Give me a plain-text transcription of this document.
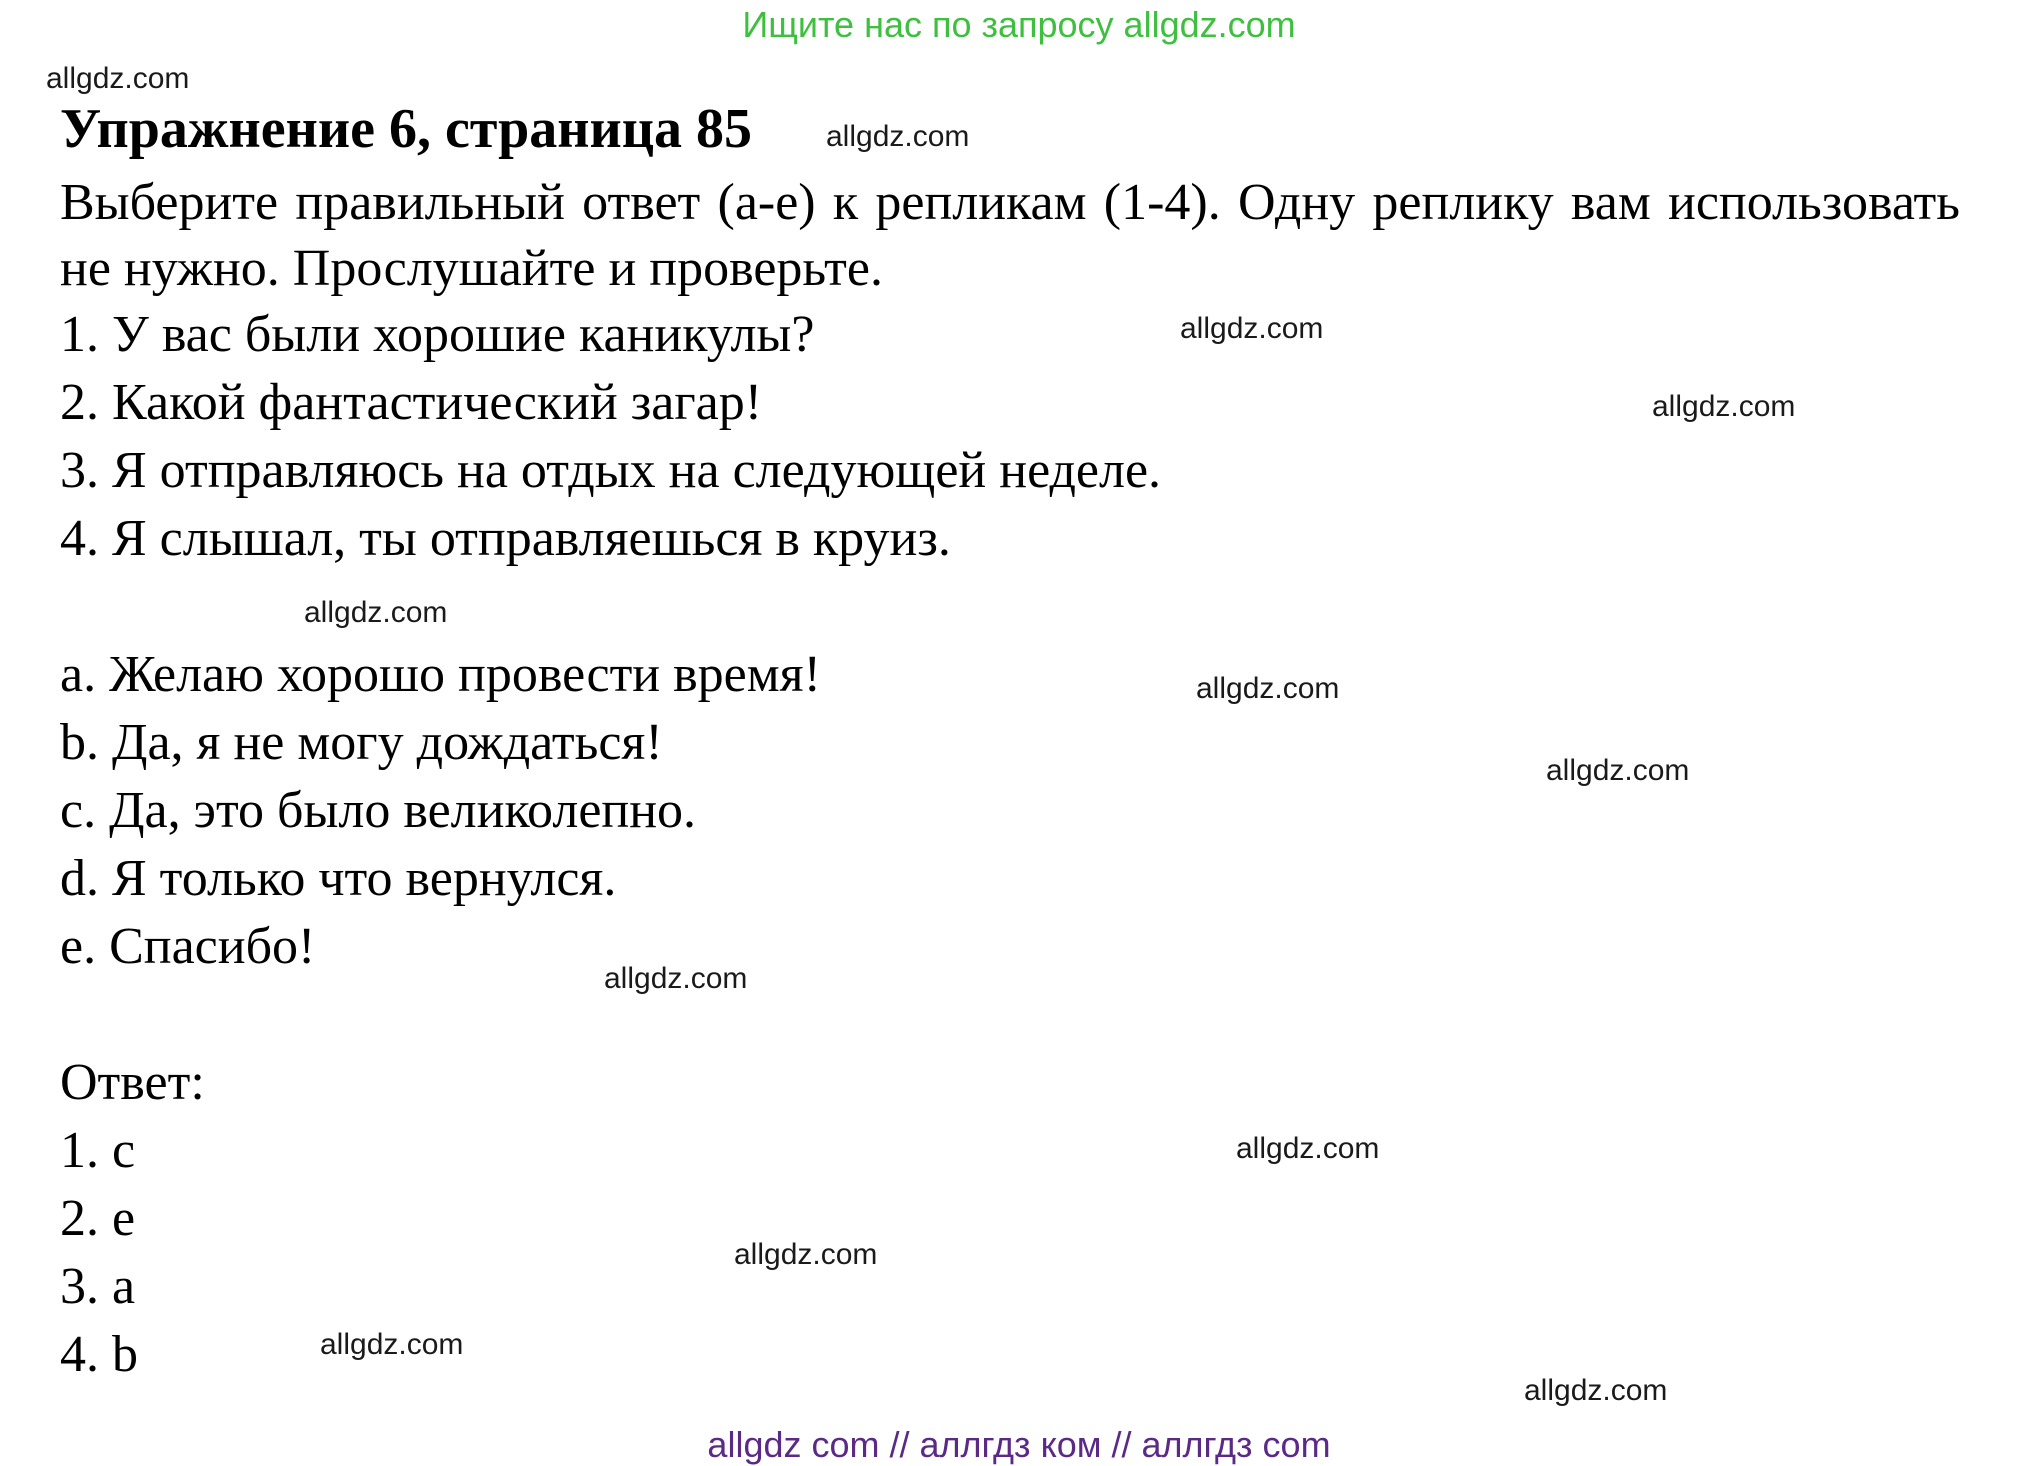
Ищите нас по запросу allgdz.com
allgdz.com
allgdz.com
allgdz.com
allgdz.com
allgdz.com
allgdz.com
allgdz.com
allgdz.com
allgdz.com
allgdz.com
allgdz.com
allgdz.com
Упражнение 6, страница 85
Выберите правильный ответ (a-e) к репликам (1-4). Одну реплику вам использовать не нужно. Прослушайте и проверьте.
1. У вас были хорошие каникулы?
2. Какой фантастический загар!
3. Я отправляюсь на отдых на следующей неделе.
4. Я слышал, ты отправляешься в круиз.
a. Желаю хорошо провести время!
b. Да, я не могу дождаться!
c. Да, это было великолепно.
d. Я только что вернулся.
e. Спасибо!
Ответ:
1. c
2. e
3. a
4. b
allgdz com // аллгдз ком // аллгдз com
